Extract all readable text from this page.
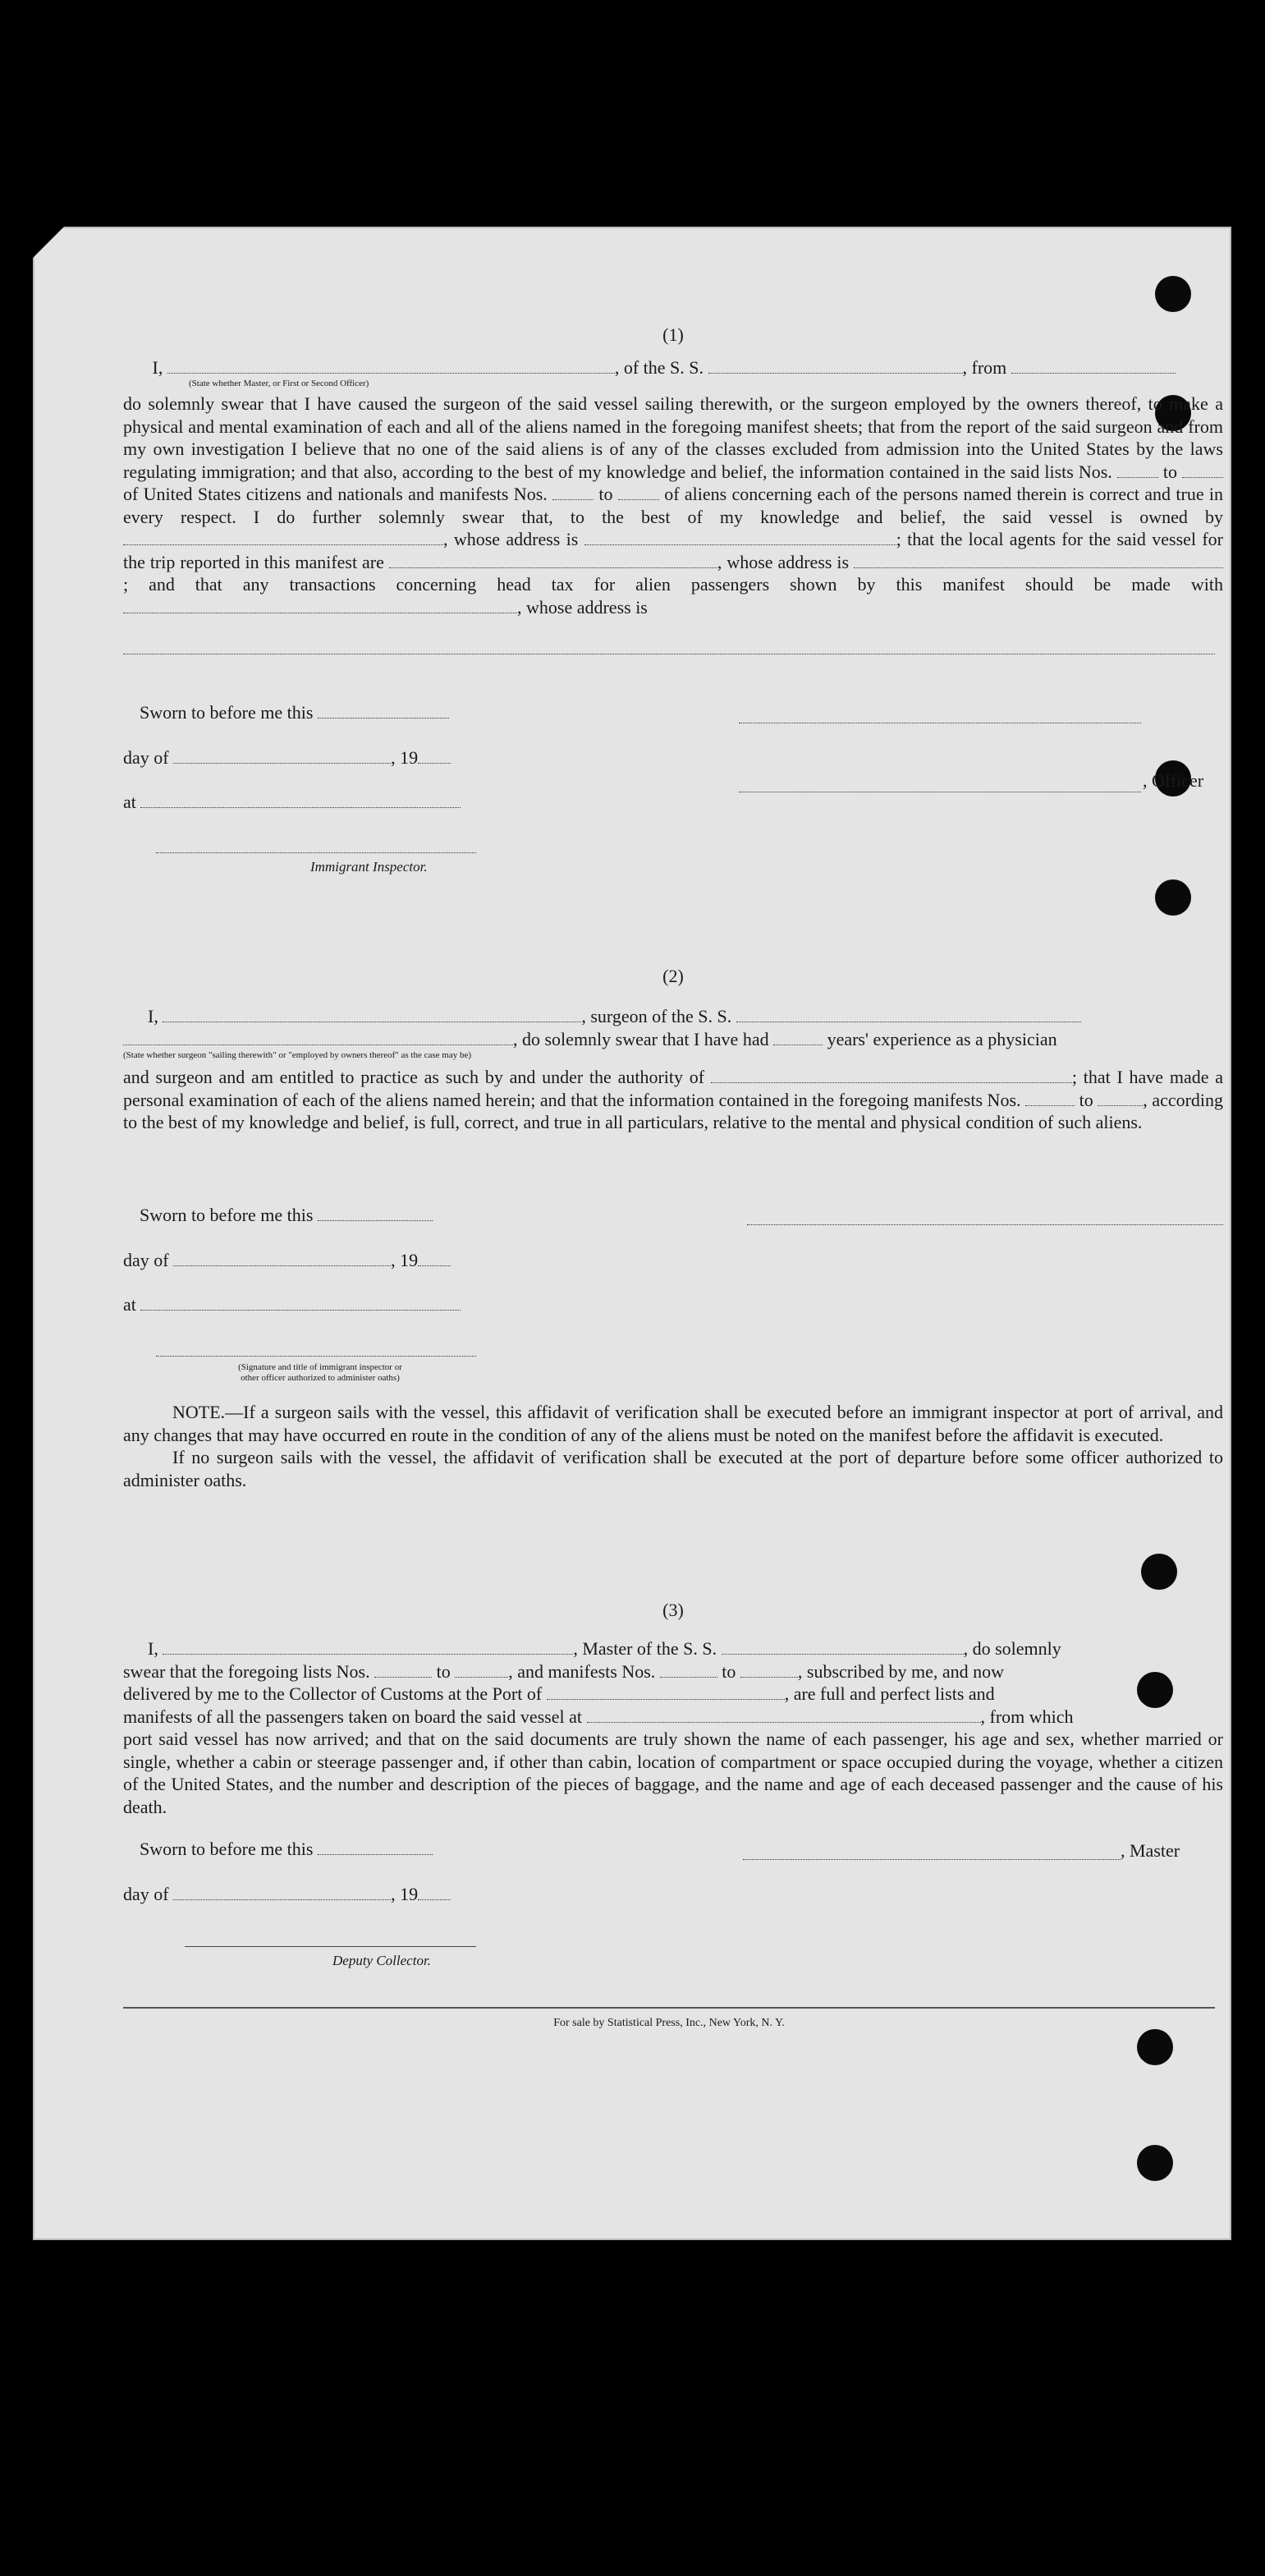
(1)
I,	, of the S. S.	, from
(State whether Master, or First or Second Officer)

do solemnly swear that I have caused the surgeon of the said vessel sailing therewith, or the surgeon employed by the owners thereof, to make a physical and mental examination of each and all of the aliens named in the foregoing manifest sheets; that from the report of the said surgeon and from my own investigation I believe that no one of the said aliens is of any of the classes excluded from admission into the United States by the laws regulating immigration; and that also, according to the best of my knowledge and belief, the information contained in the said lists Nos.	to  of United States citizens and nationals and manifests Nos.	to	of aliens concerning each of the persons named therein is correct and true in every respect. I do further solemnly swear that, to the best of my knowledge and belief, the said vessel is owned by , whose address is	; that the local agents for the said vessel for the trip reported in this manifest are	, whose address is ; and that any transactions concerning head tax for alien passengers shown by this manifest should be made with , whose address is

Sworn to before me this
day of	, 19
at
, Officer
Immigrant Inspector.
(2)
I,	, surgeon of the S. S.
, do solemnly swear that I have had	years' experience as a physician
(State whether surgeon "sailing therewith" or "employed by owners thereof" as the case may be)

and surgeon and am entitled to practice as such by and under the authority of	; that I have made a personal examination of each of the aliens named herein; and that the information contained in the foregoing manifests Nos.	to	, according to the best of my knowledge and belief, is full, correct, and true in all particulars, relative to the mental and physical condition of such aliens.

Sworn to before me this
day of	, 19
at
(Signature and title of immigrant inspector or
other officer authorized to administer oaths)

NOTE.—If a surgeon sails with the vessel, this affidavit of verification shall be executed before an immigrant inspector at port of arrival, and any changes that may have occurred en route in the condition of any of the aliens must be noted on the manifest before the affidavit is executed.

If no surgeon sails with the vessel, the affidavit of verification shall be executed at the port of departure before some officer authorized to administer oaths.

(3)
I,	, Master of the S. S.	, do solemnly
swear that the foregoing lists Nos.	to	, and manifests Nos.	to	, subscribed by me, and now
delivered by me to the Collector of Customs at the Port of	, are full and perfect lists and
manifests of all the passengers taken on board the said vessel at	, from which

port said vessel has now arrived; and that on the said documents are truly shown the name of each passenger, his age and sex, whether married or single, whether a cabin or steerage passenger and, if other than cabin, location of compartment or space occupied during the voyage, whether a citizen of the United States, and the number and description of the pieces of baggage, and the name and age of each deceased passenger and the cause of his death.

Sworn to before me this
day of	, 19
, Master
Deputy Collector.
For sale by Statistical Press, Inc., New York, N. Y.
